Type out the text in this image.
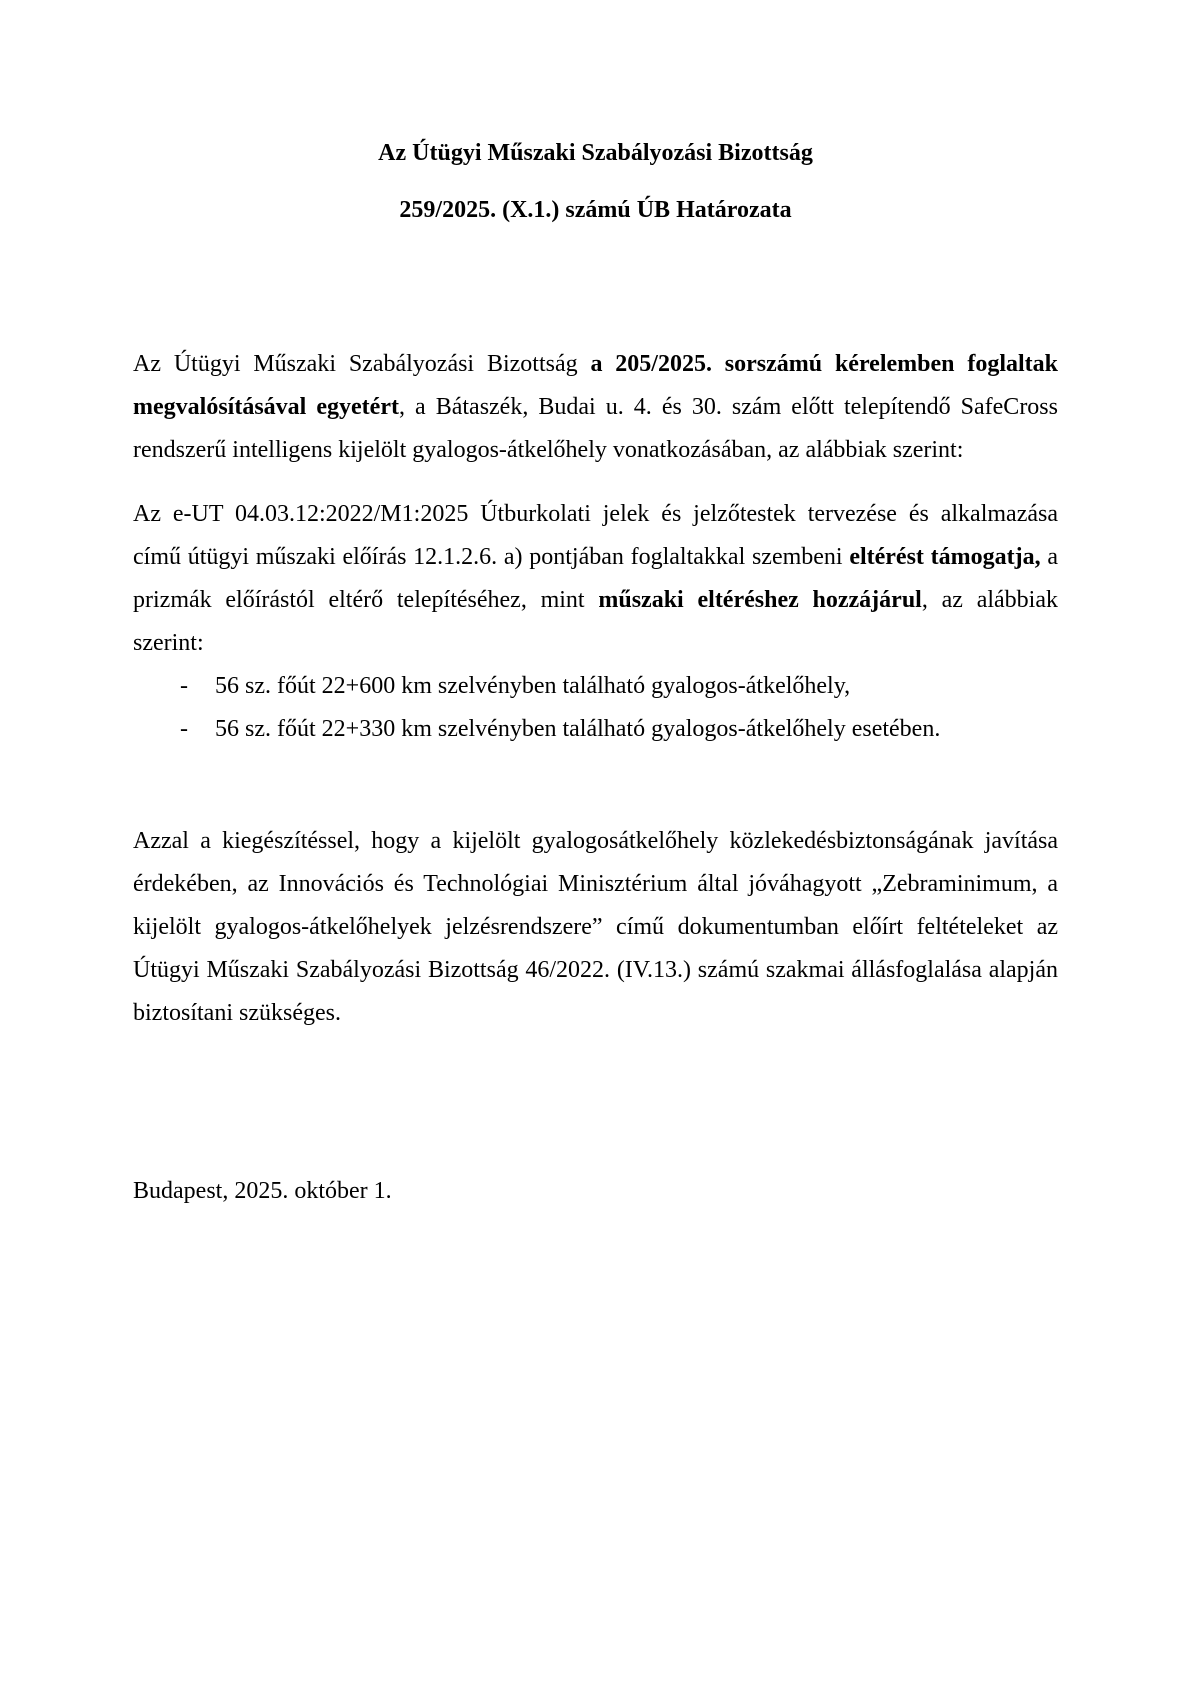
Az Útügyi Műszaki Szabályozási Bizottság
259/2025. (X.1.) számú ÚB Határozata

Az Útügyi Műszaki Szabályozási Bizottság a 205/2025. sorszámú kérelemben foglaltak megvalósításával egyetért, a Bátaszék, Budai u. 4. és 30. szám előtt telepítendő SafeCross rendszerű intelligens kijelölt gyalogos-átkelőhely vonatkozásában, az alábbiak szerint:

Az e-UT 04.03.12:2022/M1:2025 Útburkolati jelek és jelzőtestek tervezése és alkalmazása című útügyi műszaki előírás 12.1.2.6. a) pontjában foglaltakkal szembeni eltérést támogatja, a prizmák előírástól eltérő telepítéséhez, mint műszaki eltéréshez hozzájárul, az alábbiak szerint:

- 56 sz. főút 22+600 km szelvényben található gyalogos-átkelőhely,
- 56 sz. főút 22+330 km szelvényben található gyalogos-átkelőhely esetében.

Azzal a kiegészítéssel, hogy a kijelölt gyalogosátkelőhely közlekedésbiztonságának javítása érdekében, az Innovációs és Technológiai Minisztérium által jóváhagyott „Zebraminimum, a kijelölt gyalogos-átkelőhelyek jelzésrendszere” című dokumentumban előírt feltételeket az Útügyi Műszaki Szabályozási Bizottság 46/2022. (IV.13.) számú szakmai állásfoglalása alapján biztosítani szükséges.

Budapest, 2025. október 1.
